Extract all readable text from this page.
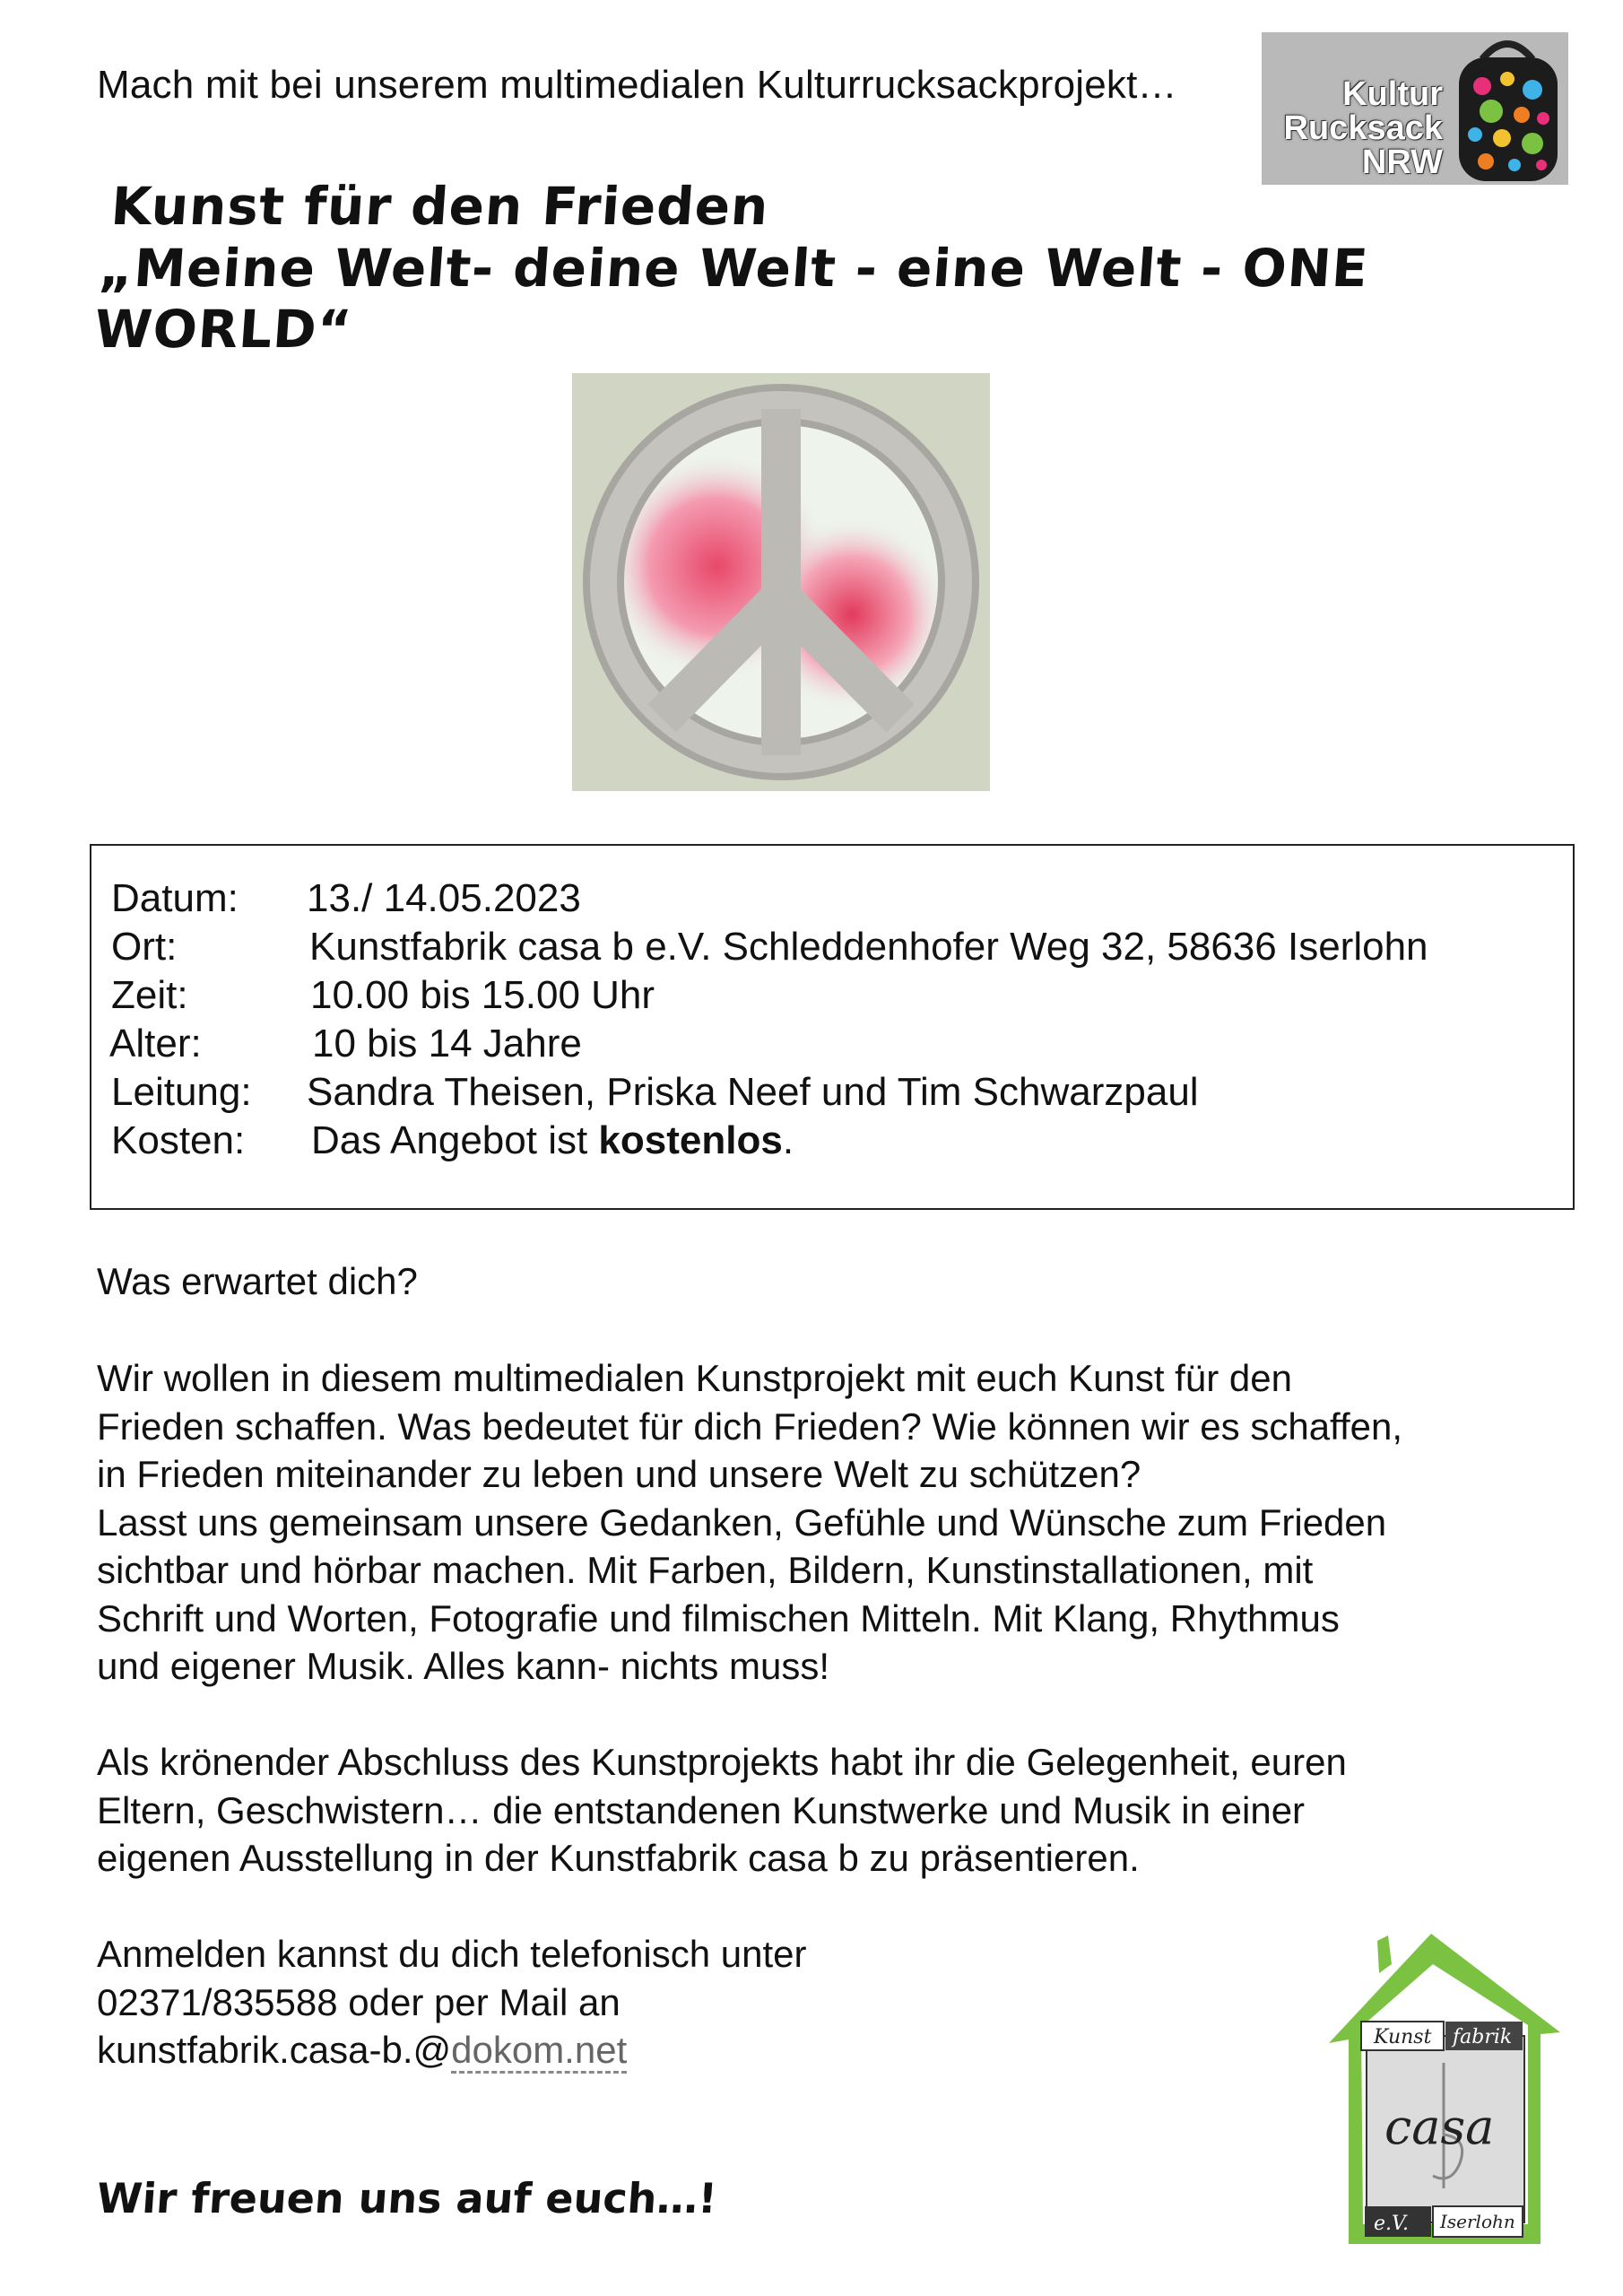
Mach mit bei unserem multimedialen Kulturrucksackprojekt…	Kultur
Rucksack
NRW
Kunst für den Frieden
„Meine Welt- deine Welt - eine Welt - ONE WORLD“
Datum: 13./ 14.05.2023
Ort:	Kunstfabrik casa b e.V. Schleddenhofer Weg 32, 58636 Iserlohn
Zeit:	10.00 bis 15.00 Uhr
Alter:	10 bis 14 Jahre
Leitung: Sandra Theisen, Priska Neef und Tim Schwarzpaul
Kosten: Das Angebot ist kostenlos.
Was erwartet dich?
Wir wollen in diesem multimedialen Kunstprojekt mit euch Kunst für den
Frieden schaffen. Was bedeutet für dich Frieden? Wie können wir es schaffen,
in Frieden miteinander zu leben und unsere Welt zu schützen?
Lasst uns gemeinsam unsere Gedanken, Gefühle und Wünsche zum Frieden
sichtbar und hörbar machen. Mit Farben, Bildern, Kunstinstallationen, mit
Schrift und Worten, Fotografie und filmischen Mitteln. Mit Klang, Rhythmus
und eigener Musik. Alles kann- nichts muss!
Als krönender Abschluss des Kunstprojekts habt ihr die Gelegenheit, euren
Eltern, Geschwistern… die entstandenen Kunstwerke und Musik in einer
eigenen Ausstellung in der Kunstfabrik casa b zu präsentieren.
Anmelden kannst du dich telefonisch unter
02371/835588 oder per Mail an
kunstfabrik.casa-b.@dokom.net
Wir freuen uns auf euch…!
Kunst fabrik
casa
e.V. Iserlohn
